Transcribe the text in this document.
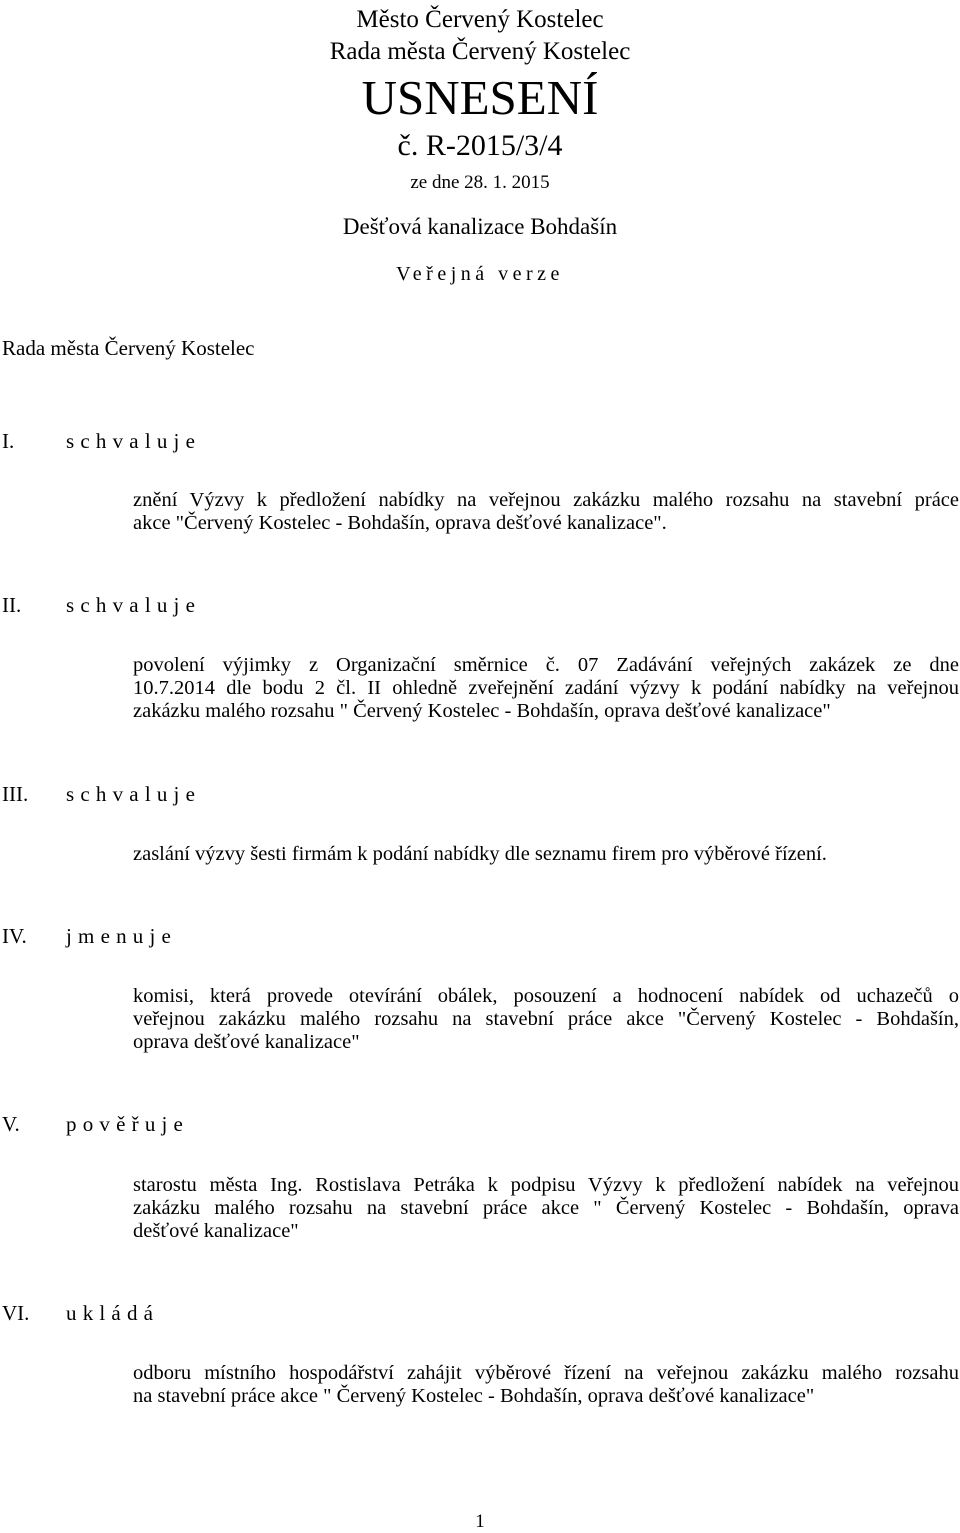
Město Červený Kostelec
Rada města Červený Kostelec
USNESENÍ
č. R-2015/3/4
ze dne 28. 1. 2015
Dešťová kanalizace Bohdašín
Veřejná verze
Rada města Červený Kostelec
I. schvaluje
znění Výzvy k předložení nabídky na veřejnou zakázku malého rozsahu na stavební práce
akce "Červený Kostelec - Bohdašín, oprava dešťové kanalizace".
II. schvaluje
povolení výjimky z Organizační směrnice č. 07 Zadávání veřejných zakázek ze dne
10.7.2014 dle bodu 2 čl. II ohledně zveřejnění zadání výzvy k podání nabídky na veřejnou
zakázku malého rozsahu " Červený Kostelec - Bohdašín, oprava dešťové kanalizace"
III. schvaluje
zaslání výzvy šesti firmám k podání nabídky dle seznamu firem pro výběrové řízení.
IV. jmenuje
komisi, která provede otevírání obálek, posouzení a hodnocení nabídek od uchazečů o
veřejnou zakázku malého rozsahu na stavební práce akce "Červený Kostelec - Bohdašín,
oprava dešťové kanalizace"
V. pověřuje
starostu města Ing. Rostislava Petráka k podpisu Výzvy k předložení nabídek na veřejnou
zakázku malého rozsahu na stavební práce akce " Červený Kostelec - Bohdašín, oprava
dešťové kanalizace"
VI. ukládá
odboru místního hospodářství zahájit výběrové řízení na veřejnou zakázku malého rozsahu
na stavební práce akce " Červený Kostelec - Bohdašín, oprava dešťové kanalizace"
1
